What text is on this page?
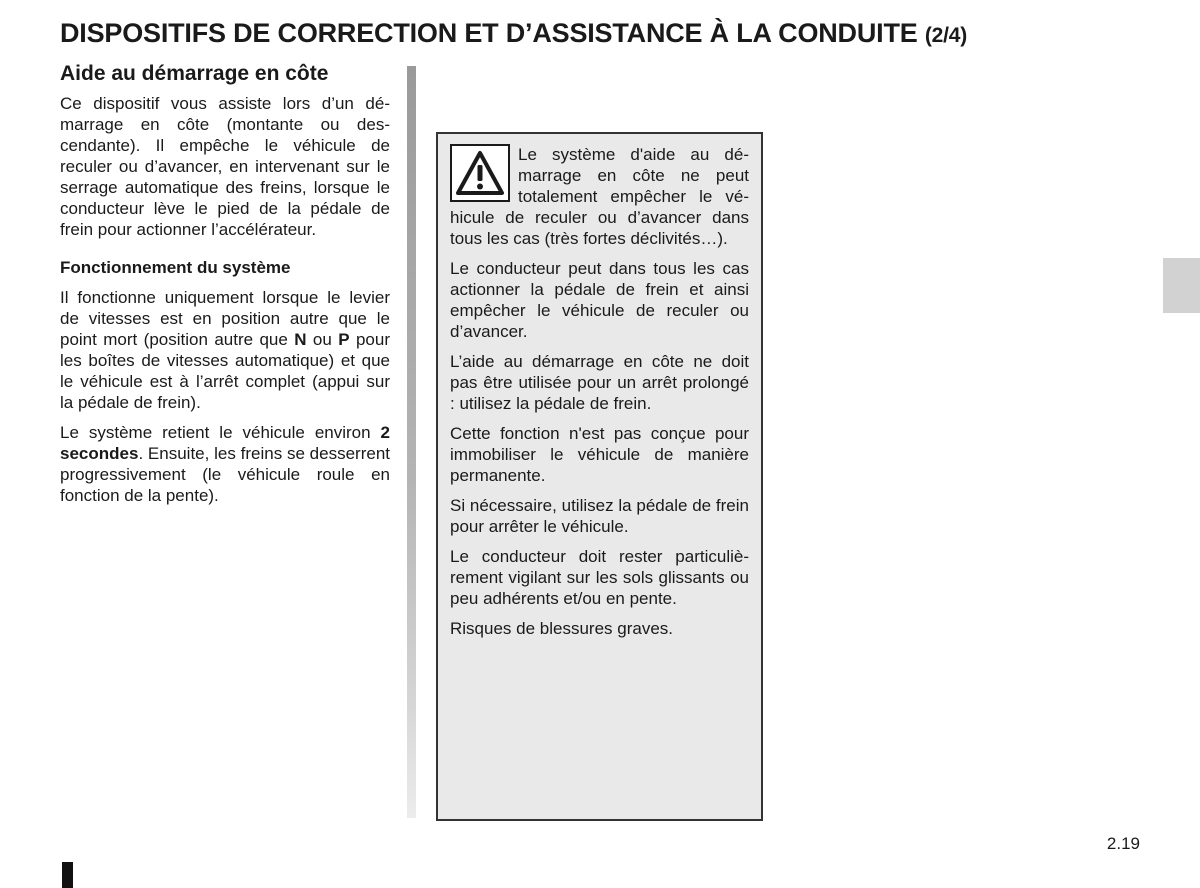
DISPOSITIFS DE CORRECTION ET D’ASSISTANCE À LA CONDUITE (2/4)
Aide au démarrage en côte

Ce dispositif vous assiste lors d’un démarrage en côte (montante ou descendante). Il empêche le véhicule de reculer ou d’avancer, en intervenant sur le serrage automatique des freins, lorsque le conducteur lève le pied de la pédale de frein pour actionner l’accélérateur.

Fonctionnement du système

Il fonctionne uniquement lorsque le levier de vitesses est en position autre que le point mort (position autre que N ou P pour les boîtes de vitesses automatique) et que le véhicule est à l’arrêt complet (appui sur la pédale de frein).

Le système retient le véhicule environ 2 secondes. Ensuite, les freins se desserrent progressivement (le véhicule roule en fonction de la pente).

Le système d'aide au démarrage en côte ne peut totalement empêcher le véhicule de reculer ou d’avancer dans tous les cas (très fortes déclivités…).

Le conducteur peut dans tous les cas actionner la pédale de frein et ainsi empêcher le véhicule de reculer ou d’avancer.

L’aide au démarrage en côte ne doit pas être utilisée pour un arrêt prolongé : utilisez la pédale de frein.

Cette fonction n'est pas conçue pour immobiliser le véhicule de manière permanente.

Si nécessaire, utilisez la pédale de frein pour arrêter le véhicule.

Le conducteur doit rester particulièrement vigilant sur les sols glissants ou peu adhérents et/ou en pente.

Risques de blessures graves.

2.19
